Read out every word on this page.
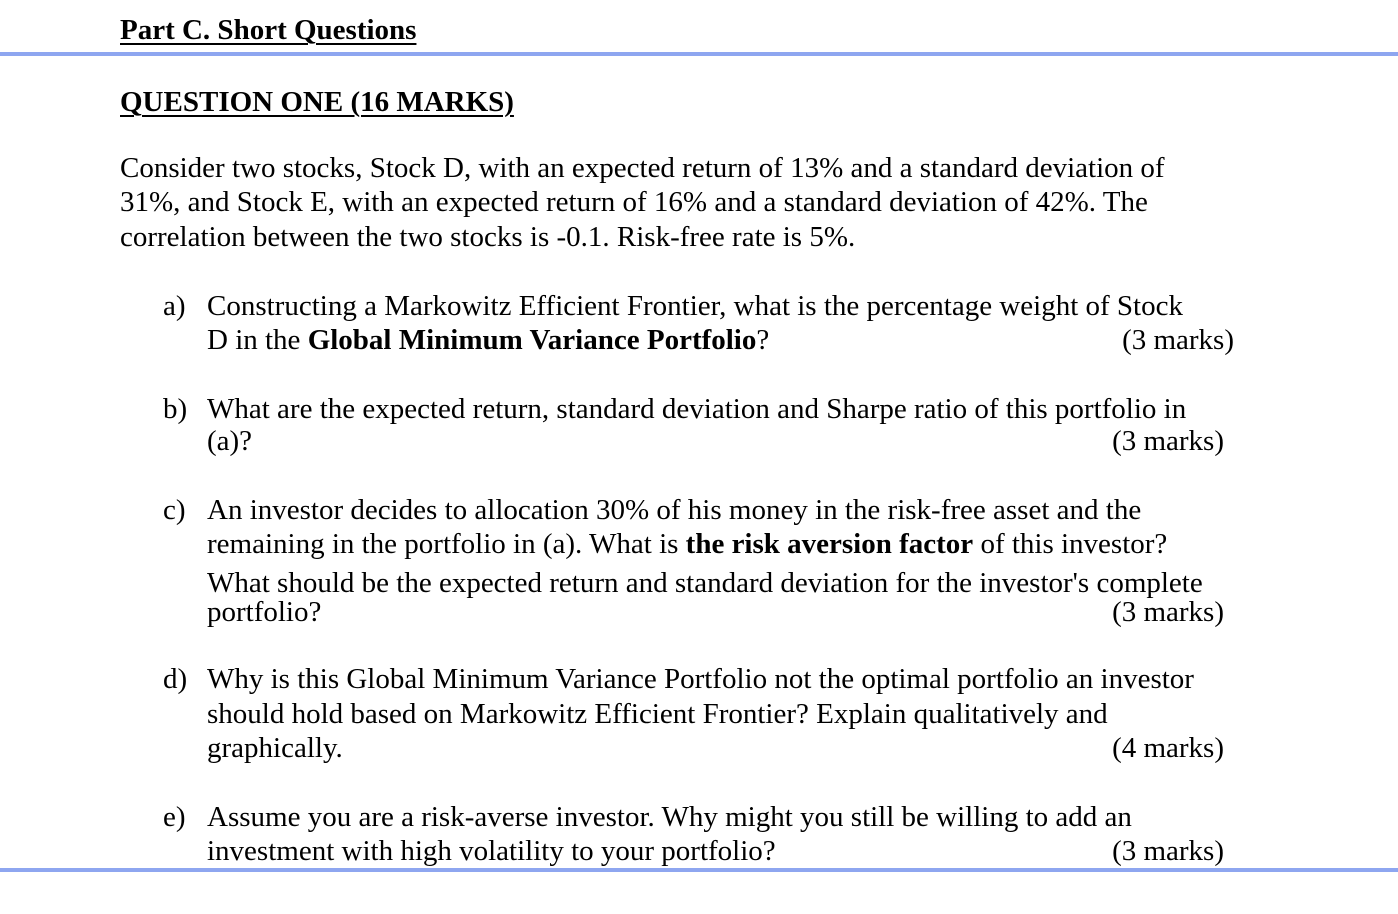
Part C. Short Questions
QUESTION ONE (16 MARKS)
Consider two stocks, Stock D, with an expected return of 13% and a standard deviation of
31%, and Stock E, with an expected return of 16% and a standard deviation of 42%. The
correlation between the two stocks is -0.1. Risk-free rate is 5%.
a) Constructing a Markowitz Efficient Frontier, what is the percentage weight of Stock
D in the Global Minimum Variance Portfolio?	(3 marks)
b) What are the expected return, standard deviation and Sharpe ratio of this portfolio in
(a)?	(3 marks)
c) An investor decides to allocation 30% of his money in the risk-free asset and the
remaining in the portfolio in (a). What is the risk aversion factor of this investor?
What should be the expected return and standard deviation for the investor's complete
portfolio?	(3 marks)
d) Why is this Global Minimum Variance Portfolio not the optimal portfolio an investor
should hold based on Markowitz Efficient Frontier? Explain qualitatively and
graphically.	(4 marks)
e) Assume you are a risk-averse investor. Why might you still be willing to add an
investment with high volatility to your portfolio?	(3 marks)
